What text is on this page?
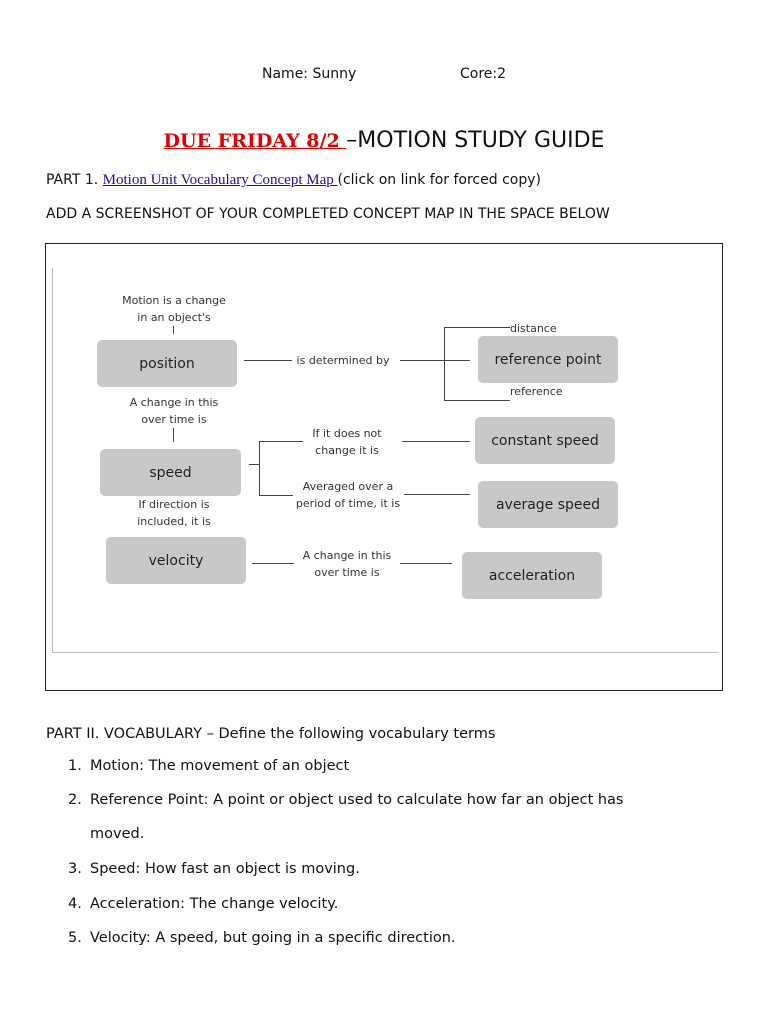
Name: Sunny	Core:2
DUE FRIDAY 8/2 –MOTION STUDY GUIDE
PART 1. Motion Unit Vocabulary Concept Map (click on link for forced copy)
ADD A SCREENSHOT OF YOUR COMPLETED CONCEPT MAP IN THE SPACE BELOW
Motion is a change
in an object's
position	is determined by
distance
reference
reference point
A change in this
over time is
speed
If it does not
change it is
constant speed
Averaged over a
period of time, it is	average speed
If direction is
included, it is
velocity	A change in this
over time is	acceleration
PART II. VOCABULARY – Define the following vocabulary terms
1. Motion: The movement of an object
2. Reference Point: A point or object used to calculate how far an object has
moved.
3. Speed: How fast an object is moving.
4. Acceleration: The change velocity.
5. Velocity: A speed, but going in a specific direction.
